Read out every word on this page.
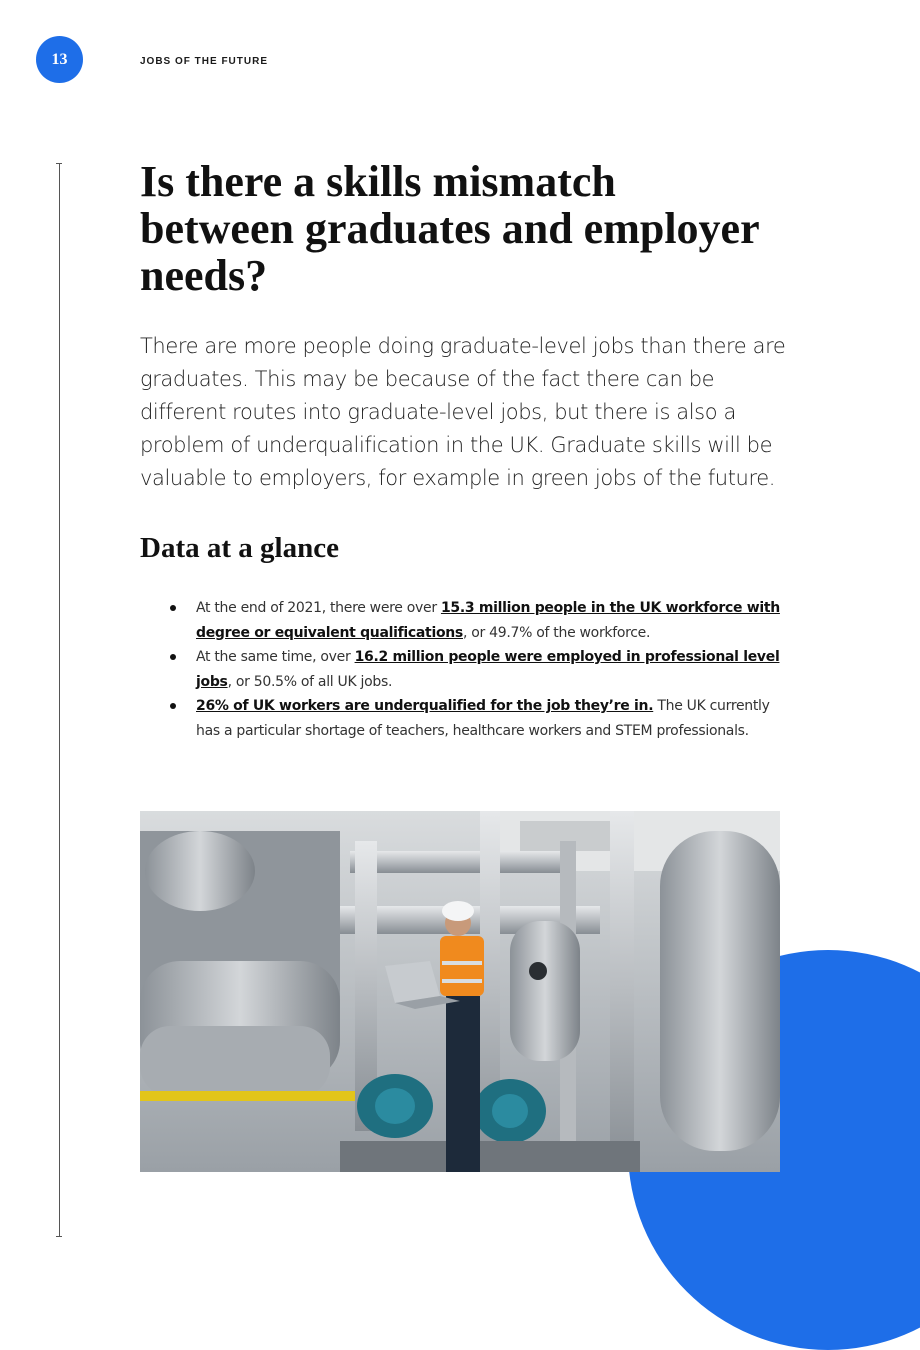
13	JOBS OF THE FUTURE
Is there a skills mismatch between graduates and employer needs?

There are more people doing graduate-level jobs than there are graduates. This may be because of the fact there can be different routes into graduate-level jobs, but there is also a problem of underqualification in the UK. Graduate skills will be valuable to employers, for example in green jobs of the future.

Data at a glance
At the end of 2021, there were over 15.3 million people in the UK workforce with degree or equivalent qualifications, or 49.7% of the workforce.
At the same time, over 16.2 million people were employed in professional level jobs, or 50.5% of all UK jobs.
26% of UK workers are underqualified for the job they’re in. The UK currently has a particular shortage of teachers, healthcare workers and STEM professionals.
